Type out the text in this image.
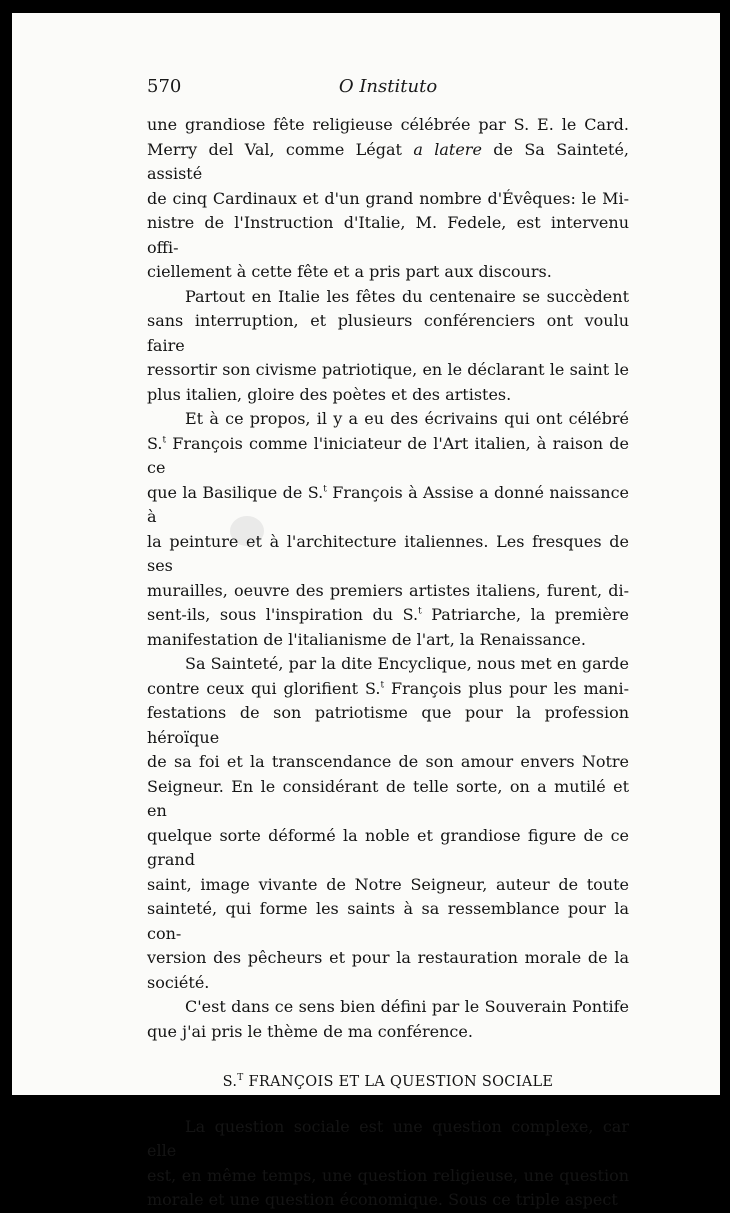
570	O Instituto

une grandiose fête religieuse célébrée par S. E. le Card.

Merry del Val, comme Légat a latere de Sa Sainteté, assisté

de cinq Cardinaux et d'un grand nombre d'Évêques: le Mi-

nistre de l'Instruction d'Italie, M. Fedele, est intervenu offi-

ciellement à cette fête et a pris part aux discours.

Partout en Italie les fêtes du centenaire se succèdent

sans interruption, et plusieurs conférenciers ont voulu faire

ressortir son civisme patriotique, en le déclarant le saint le

plus italien, gloire des poètes et des artistes.

Et à ce propos, il y a eu des écrivains qui ont célébré

S.$^t$ François comme l'iniciateur de l'Art italien, à raison de ce

que la Basilique de S.$^t$ François à Assise a donné naissance à

la peinture et à l'architecture italiennes. Les fresques de ses

murailles, oeuvre des premiers artistes italiens, furent, di-

sent-ils, sous l'inspiration du S.$^t$ Patriarche, la première

manifestation de l'italianisme de l'art, la Renaissance.

Sa Sainteté, par la dite Encyclique, nous met en garde

contre ceux qui glorifient S.$^t$ François plus pour les mani-

festations de son patriotisme que pour la profession héroïque

de sa foi et la transcendance de son amour envers Notre

Seigneur. En le considérant de telle sorte, on a mutilé et en

quelque sorte déformé la noble et grandiose figure de ce grand

saint, image vivante de Notre Seigneur, auteur de toute

sainteté, qui forme les saints à sa ressemblance pour la con-

version des pêcheurs et pour la restauration morale de la

société.

C'est dans ce sens bien défini par le Souverain Pontife

que j'ai pris le thème de ma conférence.

S.$^T$ FRANÇOIS ET LA QUESTION SOCIALE

La question sociale est une question complexe, car elle

est, en même temps, une question religieuse, une question

morale et une question économique. Sous ce triple aspect
